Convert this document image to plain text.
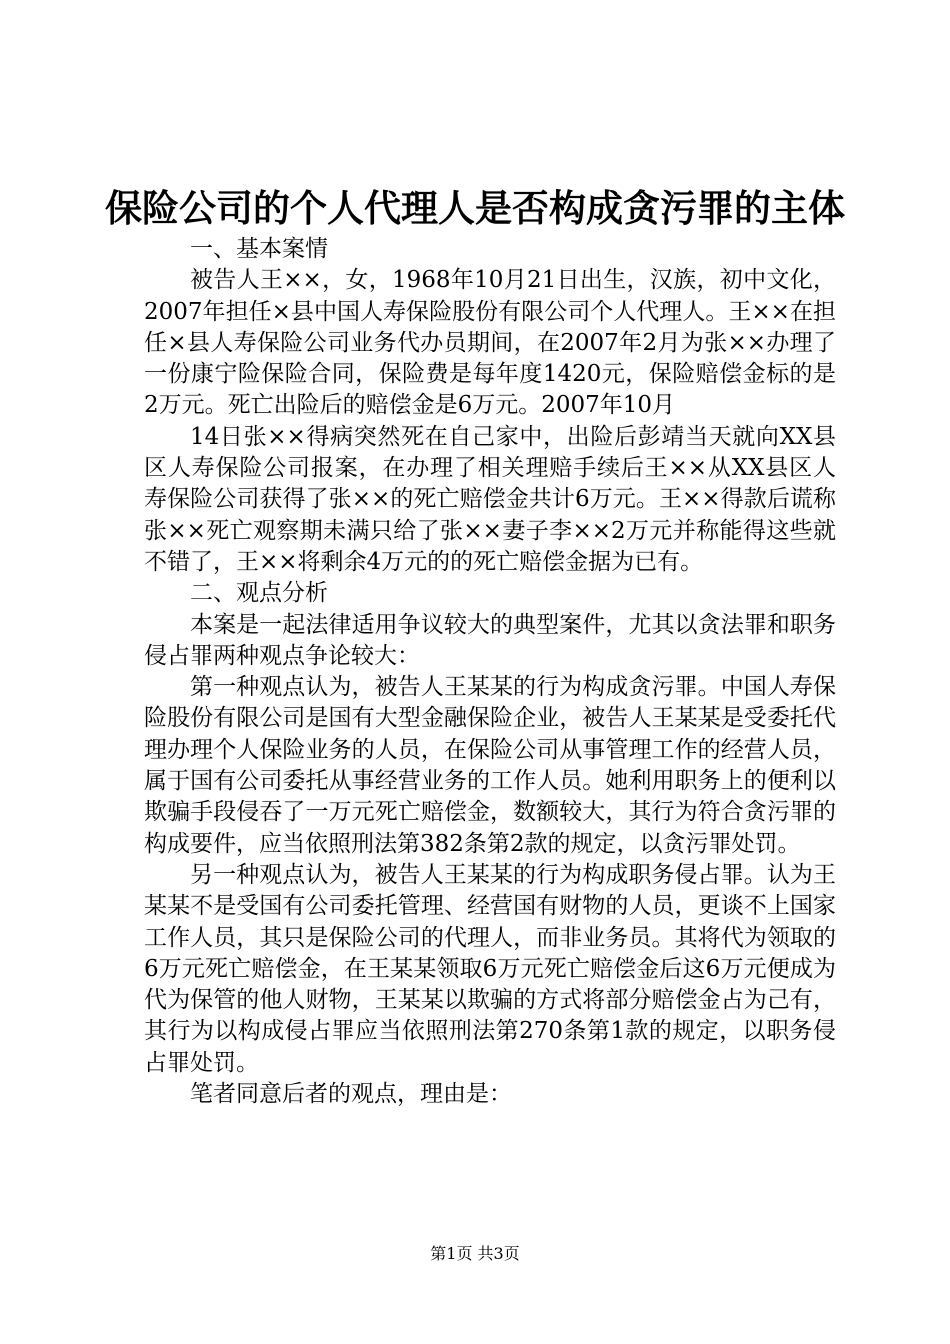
保险公司的个人代理人是否构成贪污罪的主体

一、基本案情

被告人王××，女，1968年10月21日出生，汉族，初中文化，2007年担任×县中国人寿保险股份有限公司个人代理人。王××在担任×县人寿保险公司业务代办员期间，在2007年2月为张××办理了一份康宁险保险合同，保险费是每年度1420元，保险赔偿金标的是2万元。死亡出险后的赔偿金是6万元。2007年10月

14日张××得病突然死在自己家中，出险后彭靖当天就向XX县区人寿保险公司报案，在办理了相关理赔手续后王××从XX县区人寿保险公司获得了张××的死亡赔偿金共计6万元。王××得款后谎称张××死亡观察期未满只给了张××妻子李××2万元并称能得这些就不错了，王××将剩余4万元的的死亡赔偿金据为已有。

二、观点分析

本案是一起法律适用争议较大的典型案件，尤其以贪法罪和职务侵占罪两种观点争论较大：

第一种观点认为，被告人王某某的行为构成贪污罪。中国人寿保险股份有限公司是国有大型金融保险企业，被告人王某某是受委托代理办理个人保险业务的人员，在保险公司从事管理工作的经营人员，属于国有公司委托从事经营业务的工作人员。她利用职务上的便利以欺骗手段侵吞了一万元死亡赔偿金，数额较大，其行为符合贪污罪的构成要件，应当依照刑法第382条第2款的规定，以贪污罪处罚。

另一种观点认为，被告人王某某的行为构成职务侵占罪。认为王某某不是受国有公司委托管理、经营国有财物的人员，更谈不上国家工作人员，其只是保险公司的代理人，而非业务员。其将代为领取的6万元死亡赔偿金，在王某某领取6万元死亡赔偿金后这6万元便成为代为保管的他人财物，王某某以欺骗的方式将部分赔偿金占为己有，其行为以构成侵占罪应当依照刑法第270条第1款的规定，以职务侵占罪处罚。

笔者同意后者的观点，理由是：

第1页 共3页
